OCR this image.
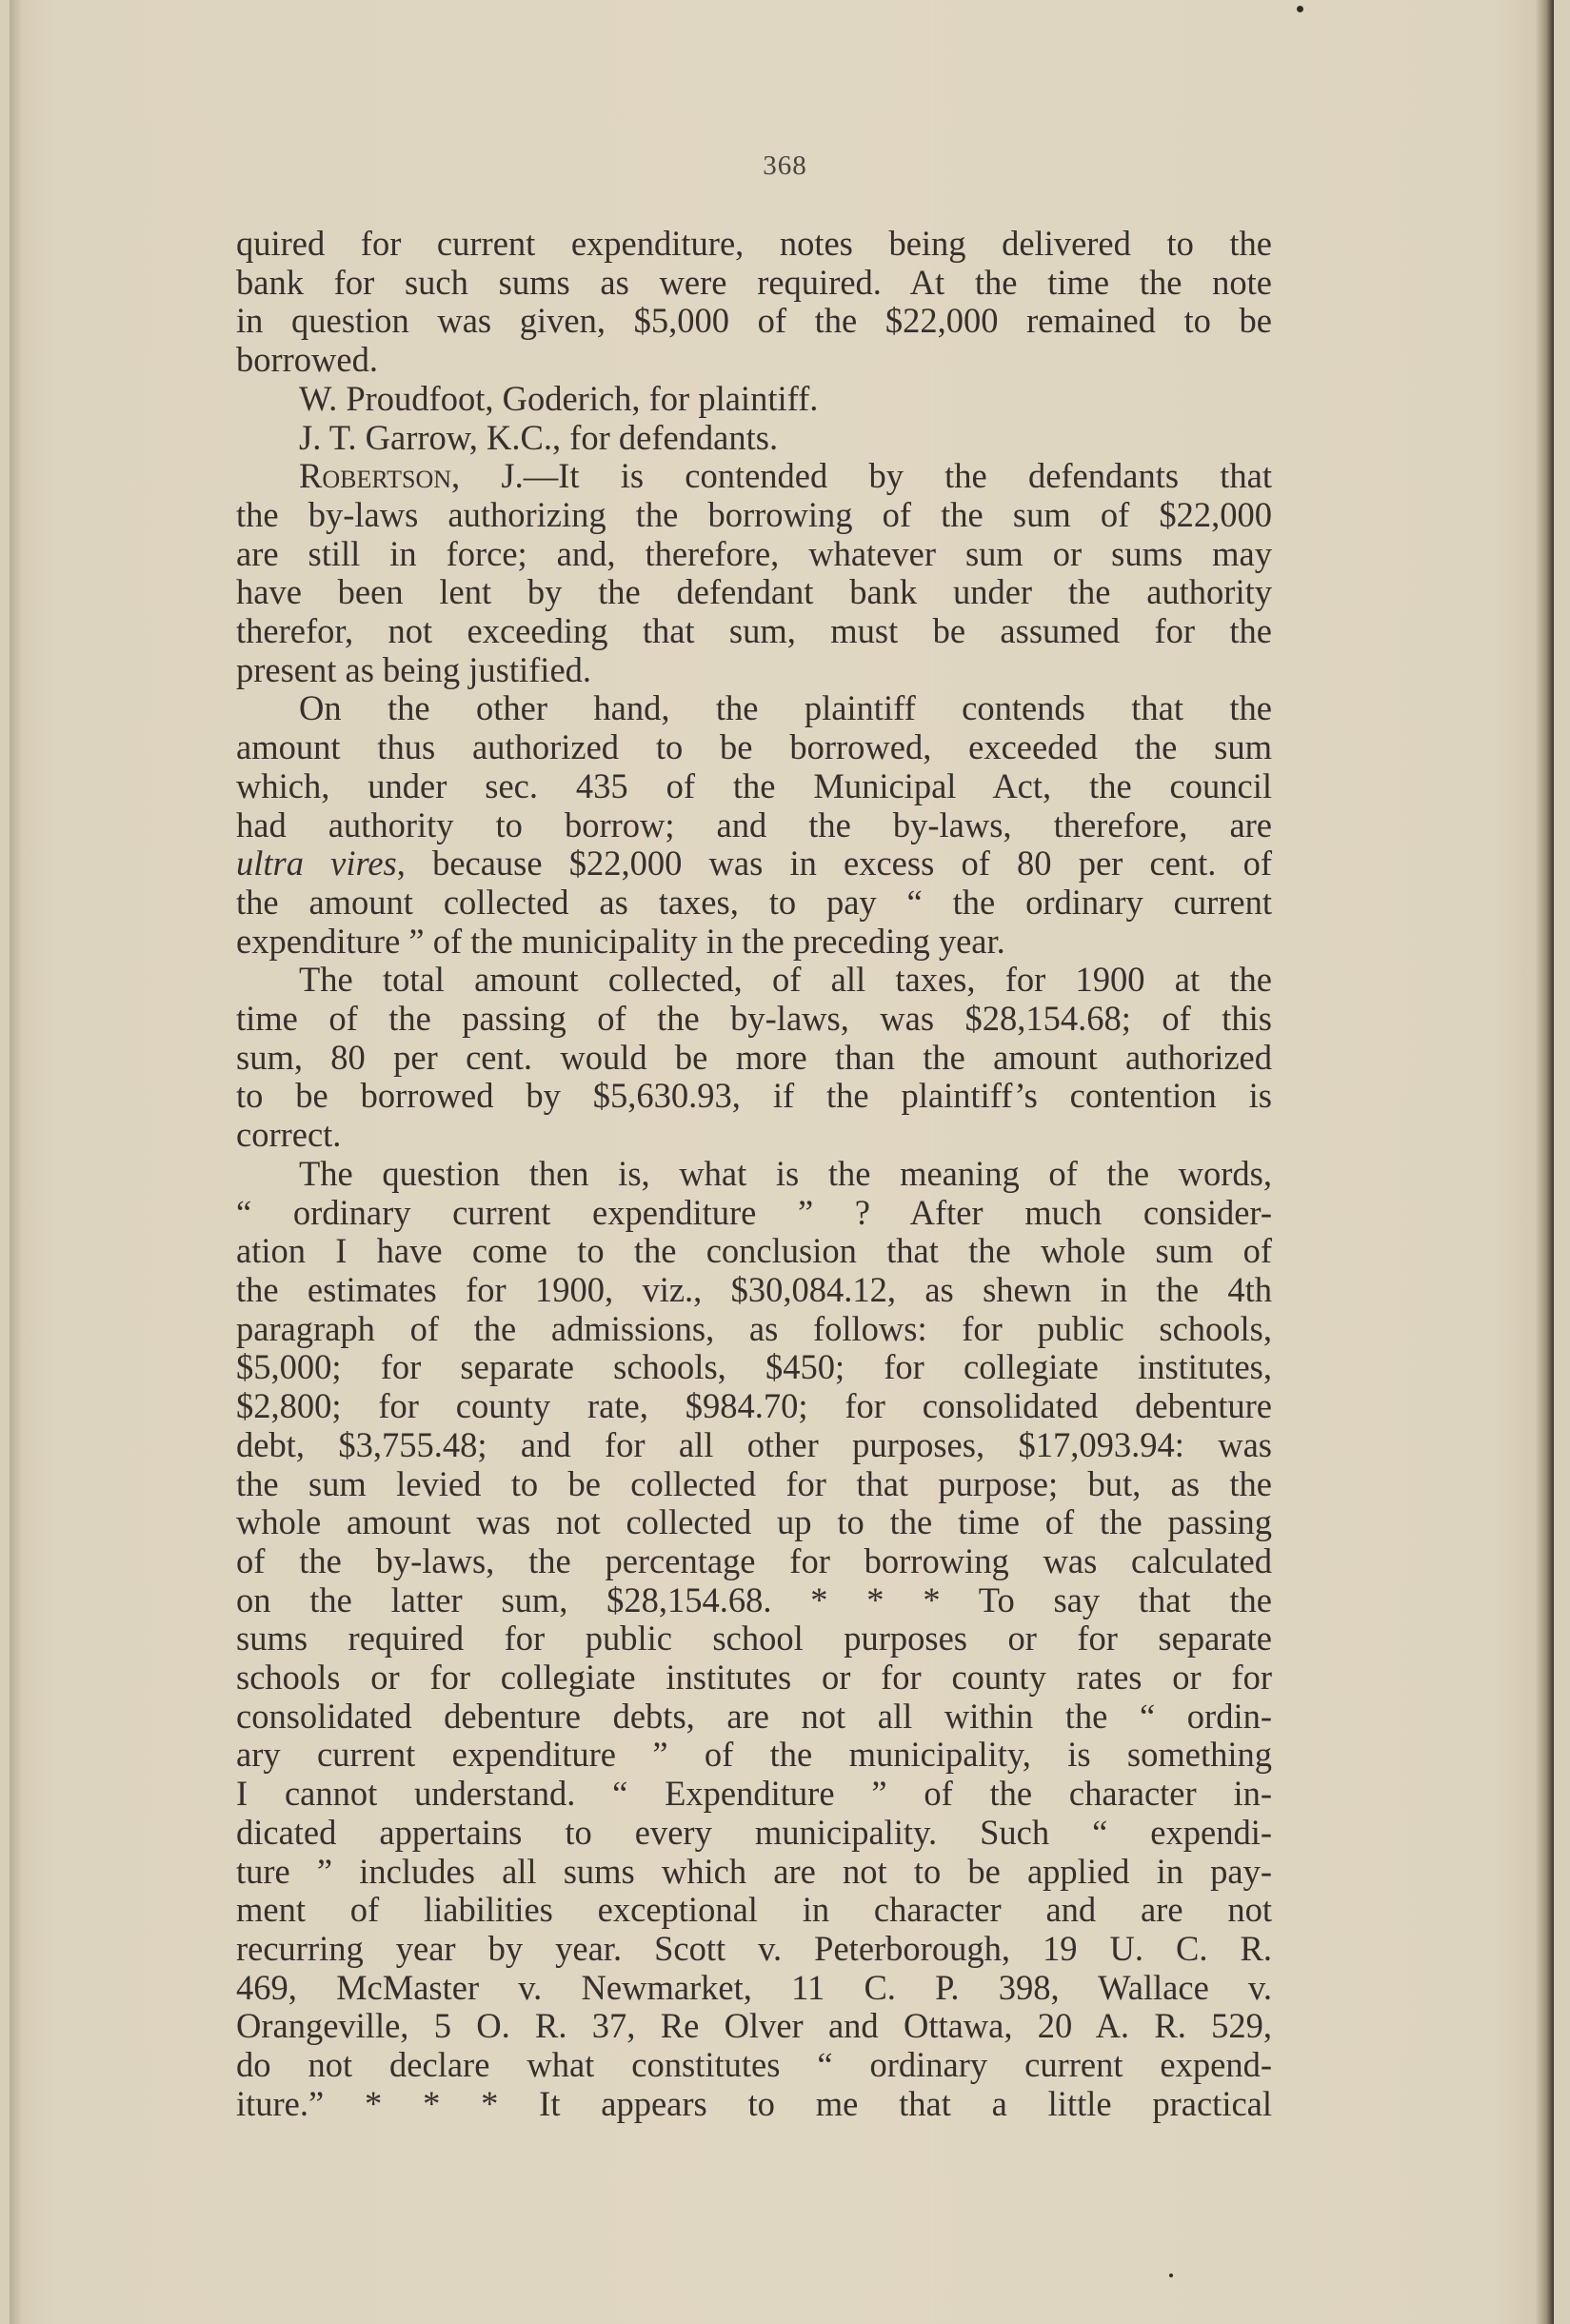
368
quired for current expenditure, notes being delivered to the
bank for such sums as were required. At the time the note
in question was given, $5,000 of the $22,000 remained to be
borrowed.
W. Proudfoot, Goderich, for plaintiff.
J. T. Garrow, K.C., for defendants.
Robertson, J.—It is contended by the defendants that
the by-laws authorizing the borrowing of the sum of $22,000
are still in force; and, therefore, whatever sum or sums may
have been lent by the defendant bank under the authority
therefor, not exceeding that sum, must be assumed for the
present as being justified.
On the other hand, the plaintiff contends that the
amount thus authorized to be borrowed, exceeded the sum
which, under sec. 435 of the Municipal Act, the council
had authority to borrow; and the by-laws, therefore, are
ultra vires, because $22,000 was in excess of 80 per cent. of
the amount collected as taxes, to pay “ the ordinary current
expenditure ” of the municipality in the preceding year.
The total amount collected, of all taxes, for 1900 at the
time of the passing of the by-laws, was $28,154.68; of this
sum, 80 per cent. would be more than the amount authorized
to be borrowed by $5,630.93, if the plaintiff’s contention is
correct.
The question then is, what is the meaning of the words,
“ ordinary current expenditure ” ? After much consider-
ation I have come to the conclusion that the whole sum of
the estimates for 1900, viz., $30,084.12, as shewn in the 4th
paragraph of the admissions, as follows: for public schools,
$5,000; for separate schools, $450; for collegiate institutes,
$2,800; for county rate, $984.70; for consolidated debenture
debt, $3,755.48; and for all other purposes, $17,093.94: was
the sum levied to be collected for that purpose; but, as the
whole amount was not collected up to the time of the passing
of the by-laws, the percentage for borrowing was calculated
on the latter sum, $28,154.68. * * * To say that the
sums required for public school purposes or for separate
schools or for collegiate institutes or for county rates or for
consolidated debenture debts, are not all within the “ ordin-
ary current expenditure ” of the municipality, is something
I cannot understand. “ Expenditure ” of the character in-
dicated appertains to every municipality. Such “ expendi-
ture ” includes all sums which are not to be applied in pay-
ment of liabilities exceptional in character and are not
recurring year by year. Scott v. Peterborough, 19 U. C. R.
469, McMaster v. Newmarket, 11 C. P. 398, Wallace v.
Orangeville, 5 O. R. 37, Re Olver and Ottawa, 20 A. R. 529,
do not declare what constitutes “ ordinary current expend-
iture.” * * * It appears to me that a little practical
